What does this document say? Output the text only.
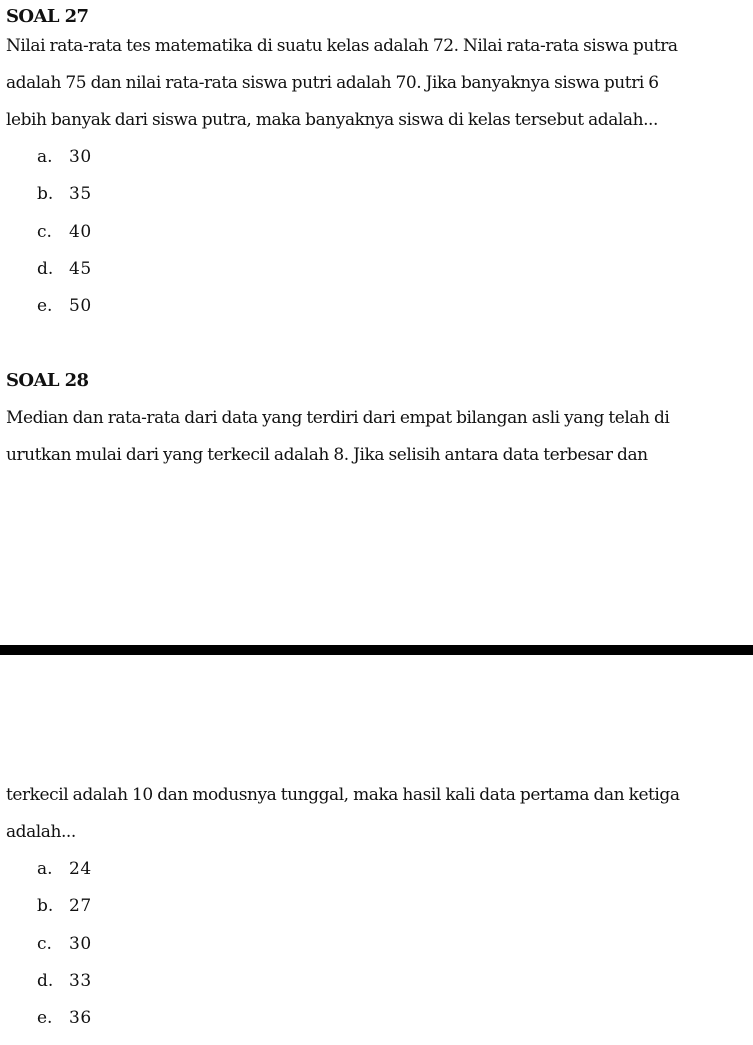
SOAL 27

Nilai rata-rata tes matematika di suatu kelas adalah 72. Nilai rata-rata siswa putra
adalah 75 dan nilai rata-rata siswa putri adalah 70. Jika banyaknya siswa putri 6
lebih banyak dari siswa putra, maka banyaknya siswa di kelas tersebut adalah...

a. 30
b. 35
c.	40
d. 45
e. 50
SOAL 28

Median dan rata-rata dari data yang terdiri dari empat bilangan asli yang telah di
urutkan mulai dari yang terkecil adalah 8. Jika selisih antara data terbesar dan

terkecil adalah 10 dan modusnya tunggal, maka hasil kali data pertama dan ketiga
adalah...

a. 24
b. 27
c.	30
d. 33
e. 36
